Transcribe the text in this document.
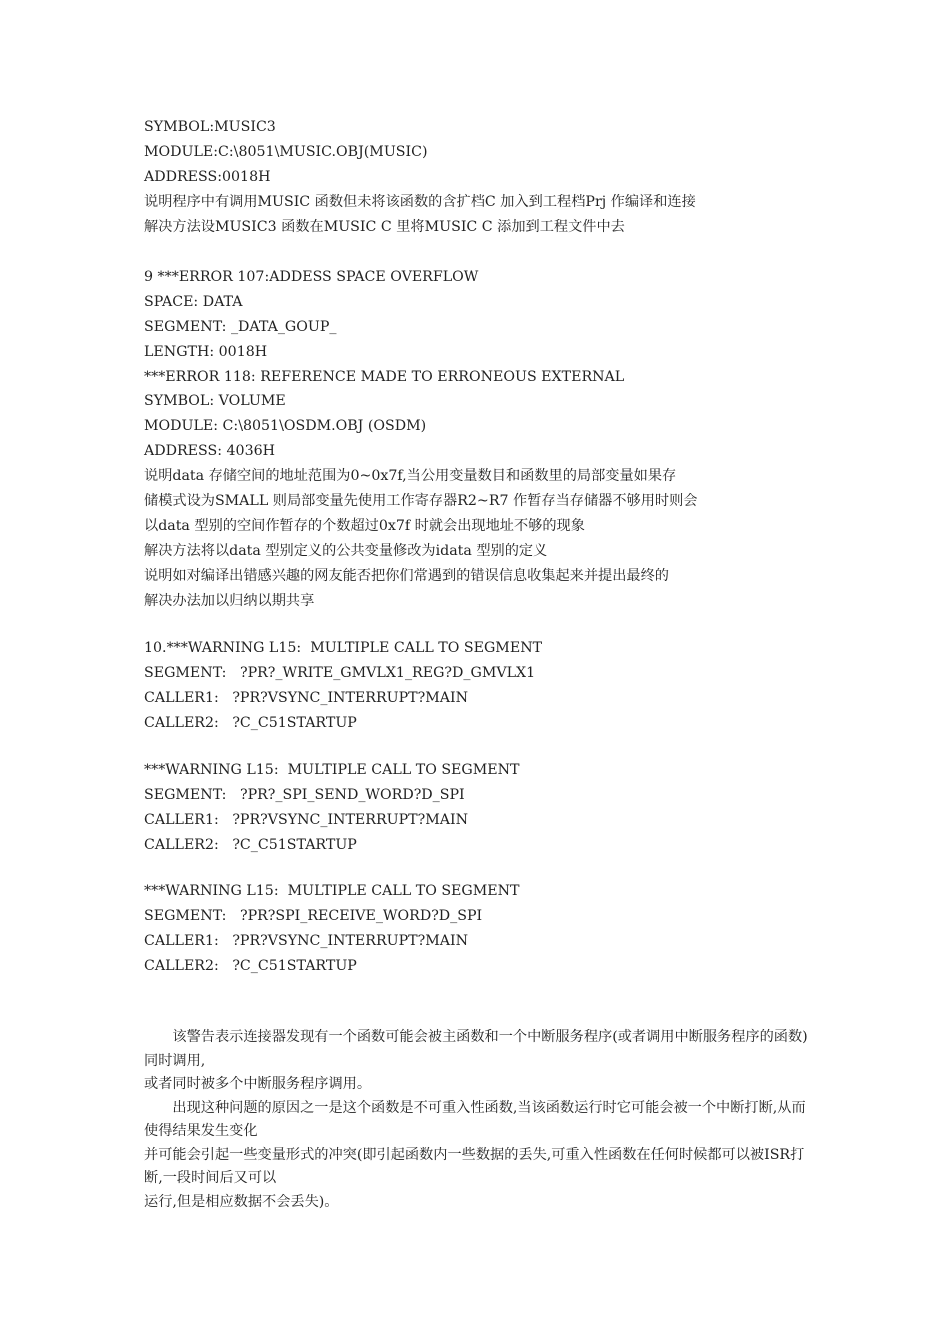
SYMBOL:MUSIC3
MODULE:C:\8051\MUSIC.OBJ(MUSIC)
ADDRESS:0018H
说明程序中有调用MUSIC 函数但未将该函数的含扩档C 加入到工程档Prj 作编译和连接
解决方法设MUSIC3 函数在MUSIC C 里将MUSIC C 添加到工程文件中去
9 ***ERROR 107:ADDESS SPACE OVERFLOW
SPACE: DATA
SEGMENT: _DATA_GOUP_
LENGTH: 0018H
***ERROR 118: REFERENCE MADE TO ERRONEOUS EXTERNAL
SYMBOL: VOLUME
MODULE: C:\8051\OSDM.OBJ (OSDM)
ADDRESS: 4036H
说明data 存储空间的地址范围为0~0x7f,当公用变量数目和函数里的局部变量如果存
储模式设为SMALL 则局部变量先使用工作寄存器R2~R7 作暂存当存储器不够用时则会
以data 型别的空间作暂存的个数超过0x7f 时就会出现地址不够的现象
解决方法将以data 型别定义的公共变量修改为idata 型别的定义
说明如对编译出错感兴趣的网友能否把你们常遇到的错误信息收集起来并提出最终的
解决办法加以归纳以期共享
10.***WARNING L15:  MULTIPLE CALL TO SEGMENT
SEGMENT:   ?PR?_WRITE_GMVLX1_REG?D_GMVLX1
CALLER1:   ?PR?VSYNC_INTERRUPT?MAIN
CALLER2:   ?C_C51STARTUP
***WARNING L15:  MULTIPLE CALL TO SEGMENT
SEGMENT:   ?PR?_SPI_SEND_WORD?D_SPI
CALLER1:   ?PR?VSYNC_INTERRUPT?MAIN
CALLER2:   ?C_C51STARTUP
***WARNING L15:  MULTIPLE CALL TO SEGMENT
SEGMENT:   ?PR?SPI_RECEIVE_WORD?D_SPI
CALLER1:   ?PR?VSYNC_INTERRUPT?MAIN
CALLER2:   ?C_C51STARTUP
该警告表示连接器发现有一个函数可能会被主函数和一个中断服务程序(或者调用中断服务程序的函数)同时调用,
或者同时被多个中断服务程序调用。
出现这种问题的原因之一是这个函数是不可重入性函数,当该函数运行时它可能会被一个中断打断,从而使得结果发生变化
并可能会引起一些变量形式的冲突(即引起函数内一些数据的丢失,可重入性函数在任何时候都可以被ISR打断,一段时间后又可以
运行,但是相应数据不会丢失)。
